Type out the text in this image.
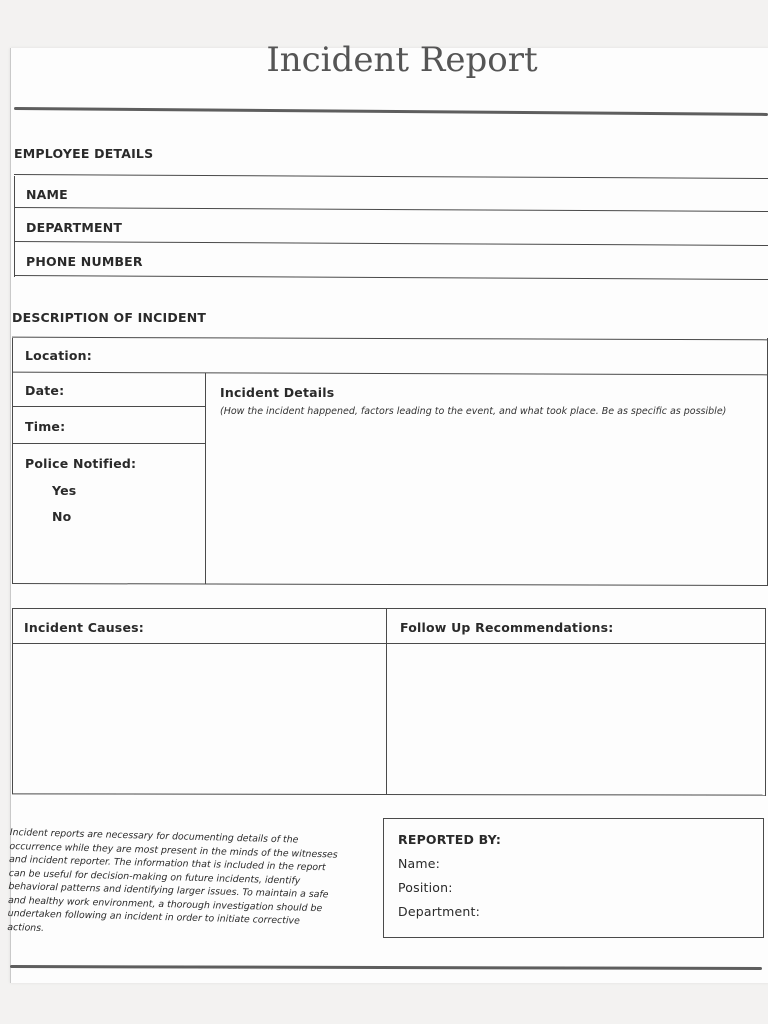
Incident Report
EMPLOYEE DETAILS
NAME
DEPARTMENT
PHONE NUMBER
DESCRIPTION OF INCIDENT
Location:
Date:
Time:
Police Notified:
Yes
No
Incident Details
(How the incident happened, factors leading to the event, and what took place. Be as specific as possible)
Incident Causes:	Follow Up Recommendations:
Incident reports are necessary for documenting details of the occurrence while they are most present in the minds of the witnesses and incident reporter. The information that is included in the report can be useful for decision-making on future incidents, identify behavioral patterns and identifying larger issues. To maintain a safe and healthy work environment, a thorough investigation should be undertaken following an incident in order to initiate corrective actions.
REPORTED BY:
Name:
Position:
Department:
